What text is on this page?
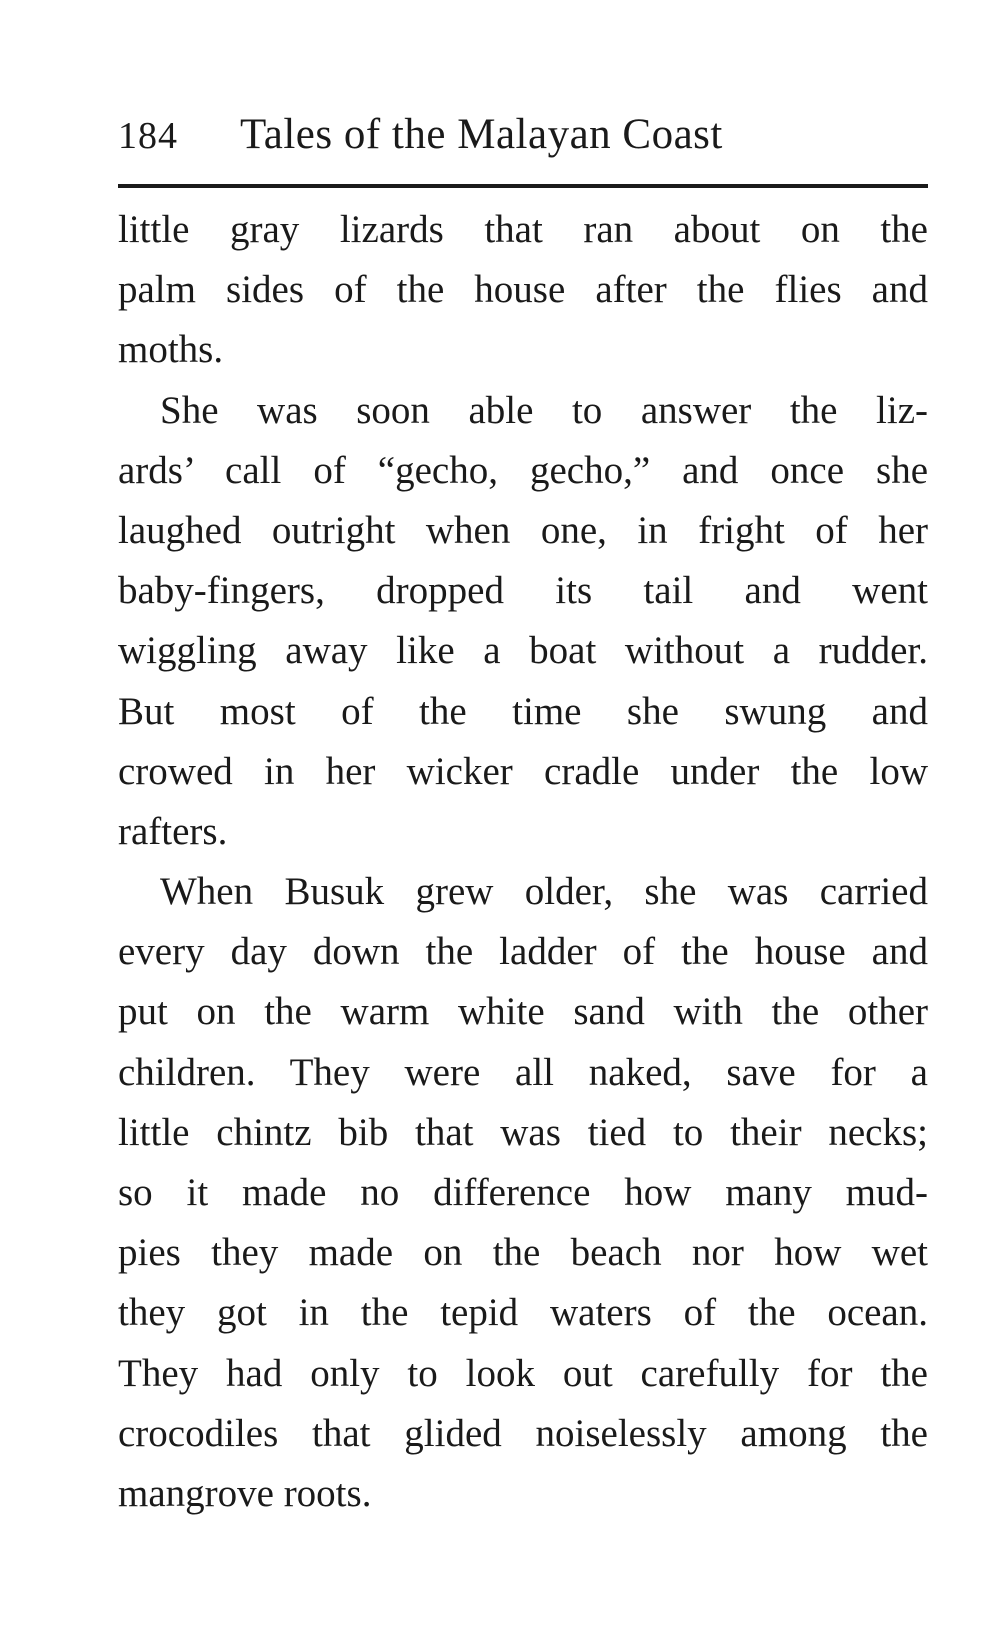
184 Tales of the Malayan Coast
little gray lizards that ran about on the
palm sides of the house after the flies and
moths.
She was soon able to answer the liz-
ards’ call of “gecho, gecho,” and once she
laughed outright when one, in fright of her
baby-fingers, dropped its tail and went
wiggling away like a boat without a rudder.
But most of the time she swung and
crowed in her wicker cradle under the low
rafters.
When Busuk grew older, she was carried
every day down the ladder of the house and
put on the warm white sand with the other
children. They were all naked, save for a
little chintz bib that was tied to their necks;
so it made no difference how many mud-
pies they made on the beach nor how wet
they got in the tepid waters of the ocean.
They had only to look out carefully for the
crocodiles that glided noiselessly among the
mangrove roots.
